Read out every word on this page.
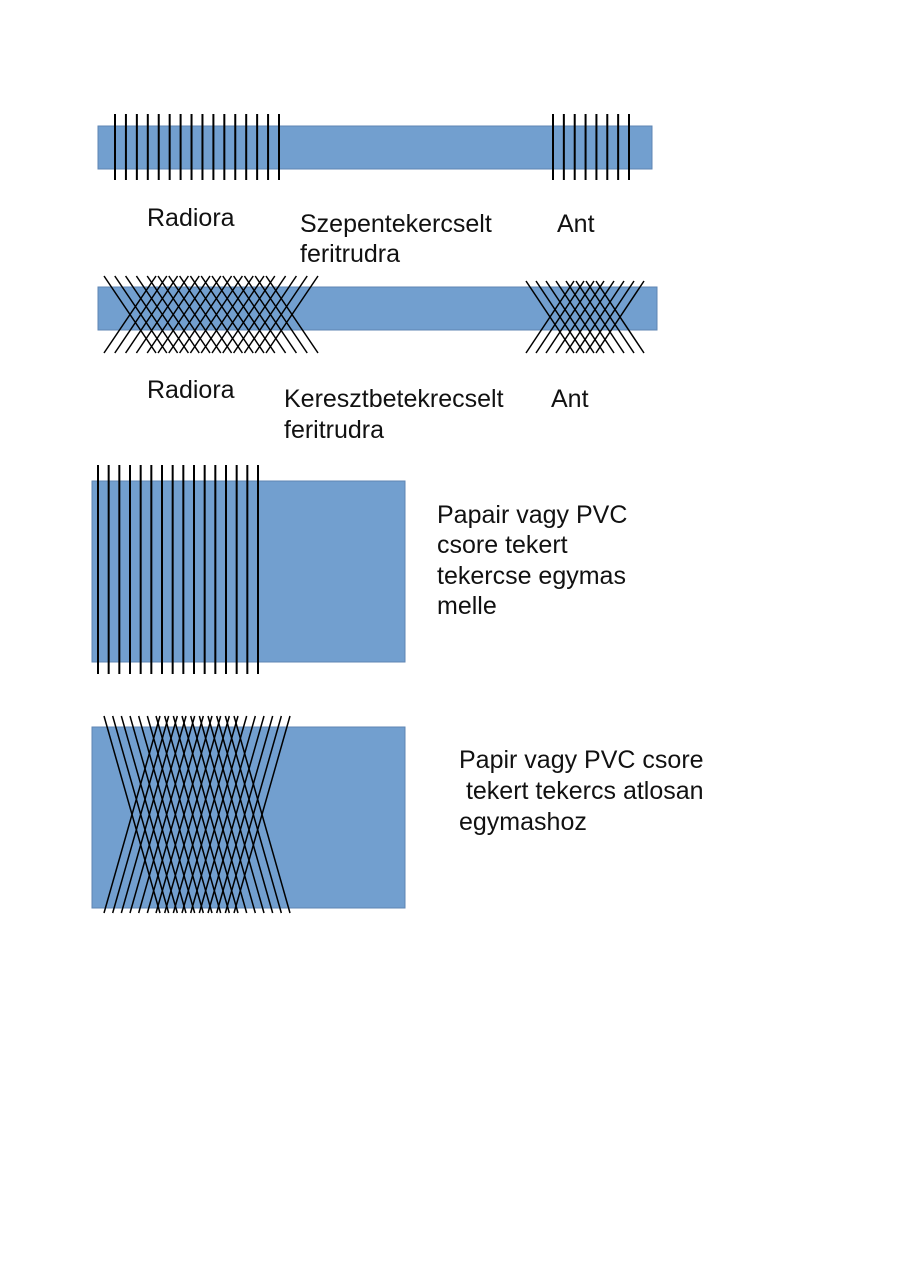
Radiora	Szepentekercselt
feritrudra
Ant
Radiora Keresztbetekrecselt
feritrudra
Ant
Papair vagy PVC
csore tekert
tekercse egymas
melle
Papir vagy PVC csore
tekert tekercs atlosan
egymashoz
